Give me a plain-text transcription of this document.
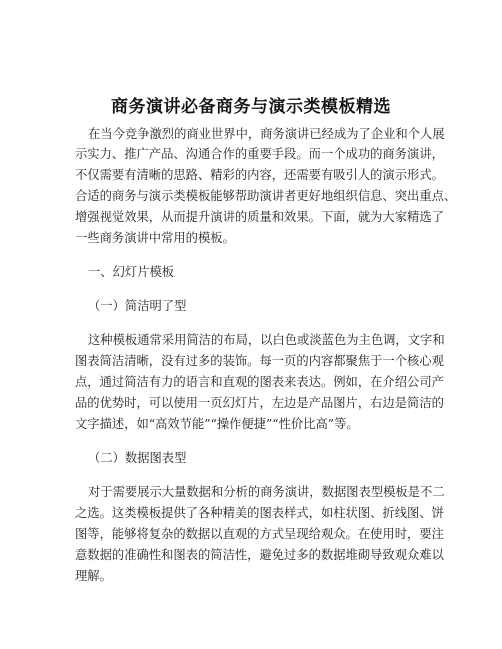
商务演讲必备商务与演示类模板精选
在当今竞争激烈的商业世界中，商务演讲已经成为了企业和个人展
示实力、推广产品、沟通合作的重要手段。而一个成功的商务演讲，
不仅需要有清晰的思路、精彩的内容，还需要有吸引人的演示形式。
合适的商务与演示类模板能够帮助演讲者更好地组织信息、突出重点、
增强视觉效果，从而提升演讲的质量和效果。下面，就为大家精选了
一些商务演讲中常用的模板。
一、幻灯片模板
（一）简洁明了型
这种模板通常采用简洁的布局，以白色或淡蓝色为主色调，文字和
图表简洁清晰，没有过多的装饰。每一页的内容都聚焦于一个核心观
点，通过简洁有力的语言和直观的图表来表达。例如，在介绍公司产
品的优势时，可以使用一页幻灯片，左边是产品图片，右边是简洁的
文字描述，如“高效节能”“操作便捷”“性价比高”等。
（二）数据图表型
对于需要展示大量数据和分析的商务演讲，数据图表型模板是不二
之选。这类模板提供了各种精美的图表样式，如柱状图、折线图、饼
图等，能够将复杂的数据以直观的方式呈现给观众。在使用时，要注
意数据的准确性和图表的简洁性，避免过多的数据堆砌导致观众难以
理解。
